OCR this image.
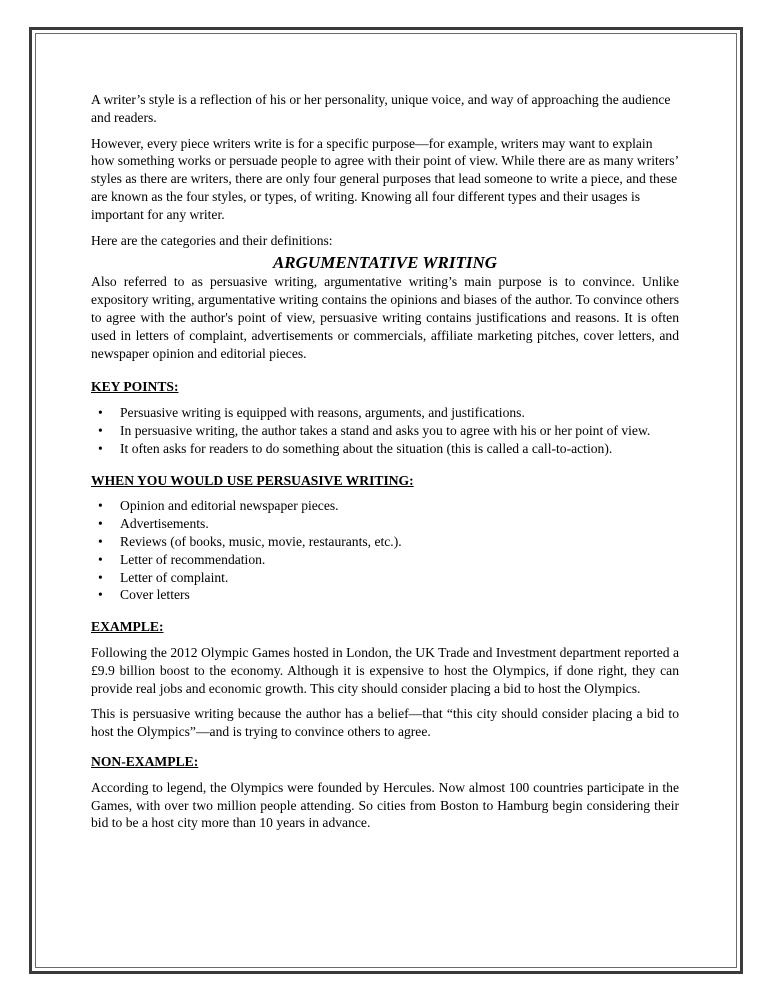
A writer’s style is a reflection of his or her personality, unique voice, and way of approaching the audience and readers.

However, every piece writers write is for a specific purpose—for example, writers may want to explain how something works or persuade people to agree with their point of view. While there are as many writers’ styles as there are writers, there are only four general purposes that lead someone to write a piece, and these are known as the four styles, or types, of writing. Knowing all four different types and their usages is important for any writer.

Here are the categories and their definitions:

ARGUMENTATIVE WRITING

Also referred to as persuasive writing, argumentative writing’s main purpose is to convince. Unlike expository writing, argumentative writing contains the opinions and biases of the author. To convince others to agree with the author's point of view, persuasive writing contains justifications and reasons. It is often used in letters of complaint, advertisements or commercials, affiliate marketing pitches, cover letters, and newspaper opinion and editorial pieces.

KEY POINTS:
• Persuasive writing is equipped with reasons, arguments, and justifications.
• In persuasive writing, the author takes a stand and asks you to agree with his or her point of view.
• It often asks for readers to do something about the situation (this is called a call-to-action).
WHEN YOU WOULD USE PERSUASIVE WRITING:
• Opinion and editorial newspaper pieces.
• Advertisements.
• Reviews (of books, music, movie, restaurants, etc.).
• Letter of recommendation.
• Letter of complaint.
• Cover letters
EXAMPLE:

Following the 2012 Olympic Games hosted in London, the UK Trade and Investment department reported a £9.9 billion boost to the economy. Although it is expensive to host the Olympics, if done right, they can provide real jobs and economic growth. This city should consider placing a bid to host the Olympics.

This is persuasive writing because the author has a belief—that “this city should consider placing a bid to host the Olympics”—and is trying to convince others to agree.

NON-EXAMPLE:

According to legend, the Olympics were founded by Hercules. Now almost 100 countries participate in the Games, with over two million people attending. So cities from Boston to Hamburg begin considering their bid to be a host city more than 10 years in advance.
